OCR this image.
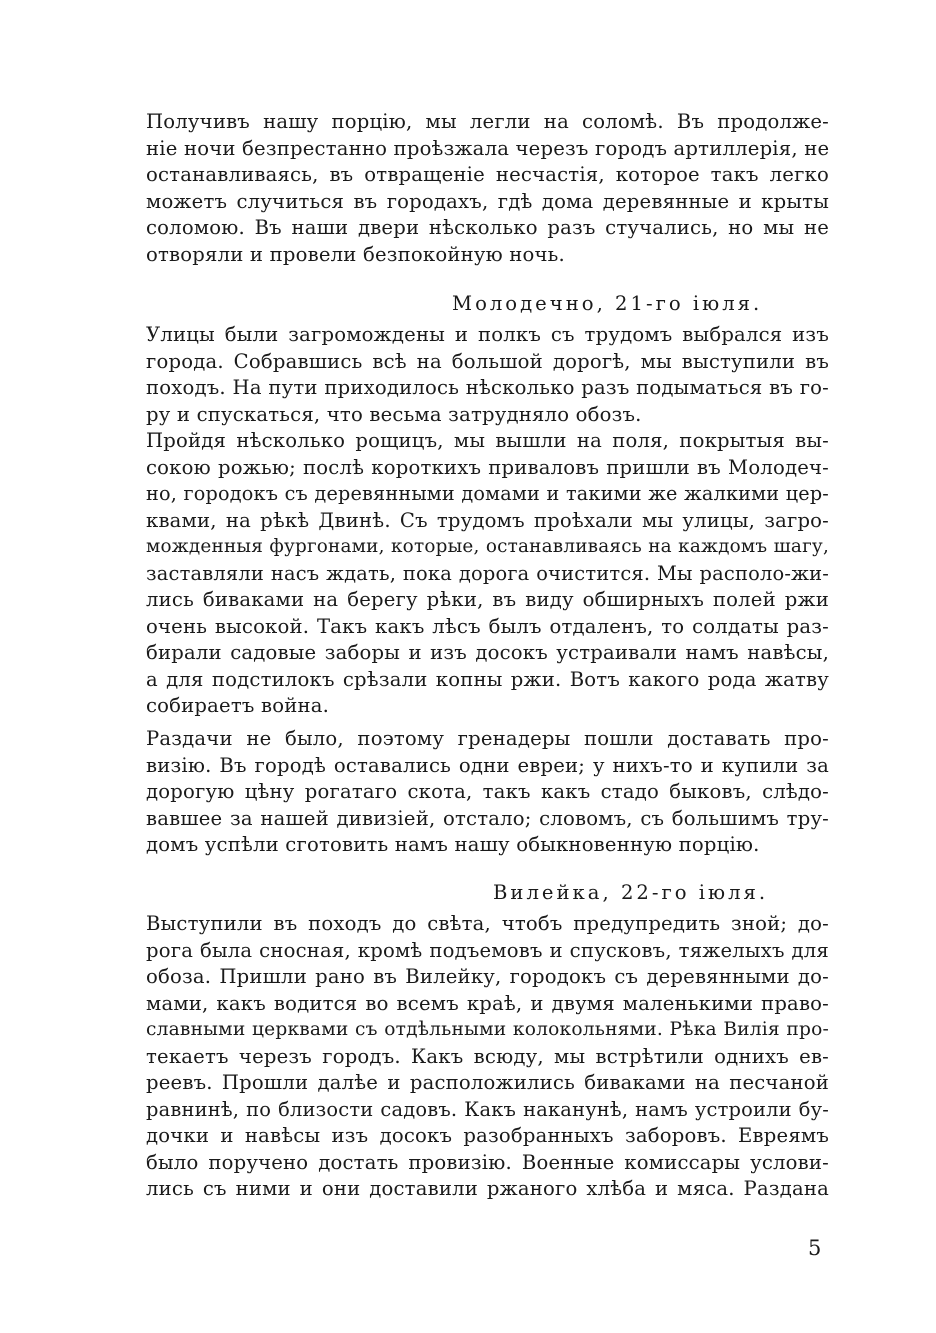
Получивъ нашу порцію, мы легли на соломѣ. Въ продолже-
ніе ночи безпрестанно проѣзжала черезъ городъ артиллерія, не
останавливаясь, въ отвращеніе несчастія, которое такъ легко
можетъ случиться въ городахъ, гдѣ дома деревянные и крыты
соломою. Въ наши двери нѣсколько разъ стучались, но мы не
отворяли и провели безпокойную ночь.
Молодечно, 21-го іюля.
Улицы были загромождены и полкъ съ трудомъ выбрался изъ
города. Собравшись всѣ на большой дорогѣ, мы выступили въ
походъ. На пути приходилось нѣсколько разъ подыматься въ го-
ру и спускаться, что весьма затрудняло обозъ.
Пройдя нѣсколько рощицъ, мы вышли на поля, покрытыя вы-
сокою рожью; послѣ короткихъ приваловъ пришли въ Молодеч-
но, городокъ съ деревянными домами и такими же жалкими цер-
квами, на рѣкѣ Двинѣ. Съ трудомъ проѣхали мы улицы, загро-
можденныя фургонами, которые, останавливаясь на каждомъ шагу,
заставляли насъ ждать, пока дорога очистится. Мы располо-жи-
лись биваками на берегу рѣки, въ виду обширныхъ полей ржи
очень высокой. Такъ какъ лѣсъ былъ отдаленъ, то солдаты раз-
бирали садовые заборы и изъ досокъ устраивали намъ навѣсы,
а для подстилокъ срѣзали копны ржи. Вотъ какого рода жатву
собираетъ война.
Раздачи не было, поэтому гренадеры пошли доставать про-
визію. Въ городѣ оставались одни евреи; у нихъ-то и купили за
дорогую цѣну рогатаго скота, такъ какъ стадо быковъ, слѣдо-
вавшее за нашей дивизіей, отстало; словомъ, съ большимъ тру-
домъ успѣли сготовить намъ нашу обыкновенную порцію.
Вилейка, 22-го іюля.
Выступили въ походъ до свѣта, чтобъ предупредить зной; до-
рога была сносная, кромѣ подъемовъ и спусковъ, тяжелыхъ для
обоза. Пришли рано въ Вилейку, городокъ съ деревянными до-
мами, какъ водится во всемъ краѣ, и двумя маленькими право-
славными церквами съ отдѣльными колокольнями. Рѣка Вилія про-
текаетъ черезъ городъ. Какъ всюду, мы встрѣтили однихъ ев-
реевъ. Прошли далѣе и расположились биваками на песчаной
равнинѣ, по близости садовъ. Какъ наканунѣ, намъ устроили бу-
дочки и навѣсы изъ досокъ разобранныхъ заборовъ. Евреямъ
было поручено достать провизію. Военные комиссары услови-
лись съ ними и они доставили ржаного хлѣба и мяса. Раздана
5
